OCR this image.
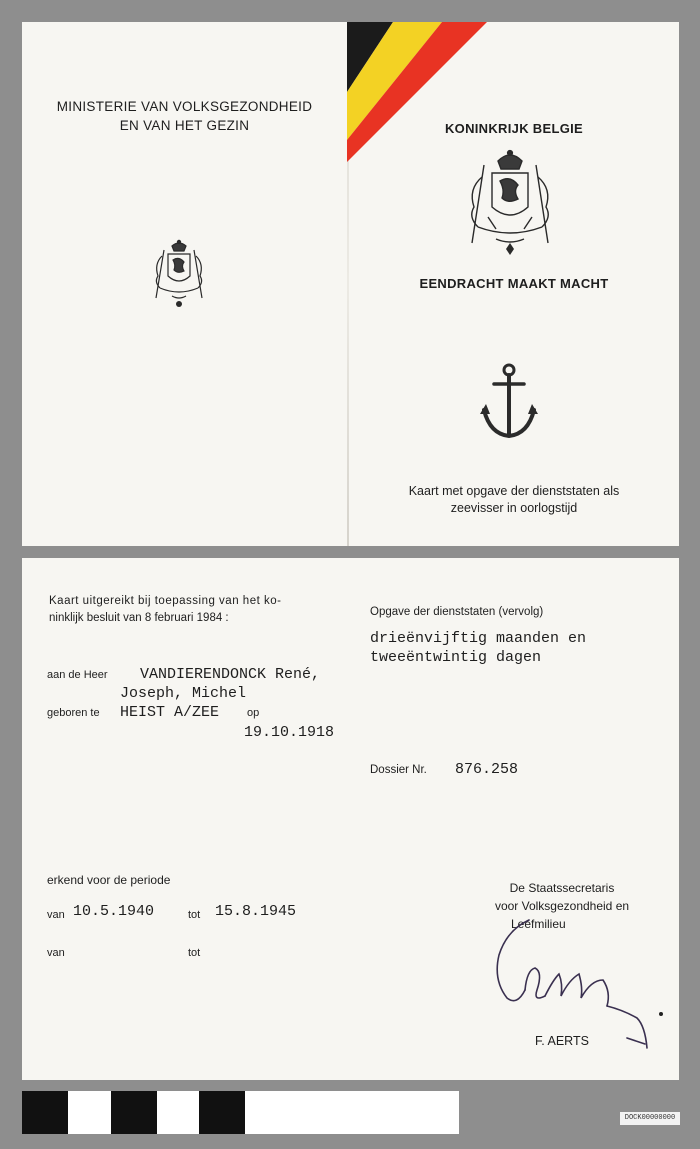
MINISTERIE VAN VOLKSGEZONDHEID
EN VAN HET GEZIN	KONINKRIJK BELGIE
EENDRACHT MAAKT MACHT
Kaart met opgave der dienststaten als
zeevisser in oorlogstijd
Kaart uitgereikt bij toepassing van het ko-
ninklijk besluit van 8 februari 1984 :
aan de Heer VANDIERENDONCK René,
Joseph, Michel
geboren te HEIST A/ZEE	op
19.10.1918
erkend voor de periode
van 10.5.1940	tot 15.8.1945
van	tot
Opgave der dienststaten (vervolg)
drieënvijftig maanden en
tweeëntwintig dagen
Dossier Nr. 876.258
De Staatssecretaris
voor Volksgezondheid en
Leefmilieu
F. AERTS
DOCK00000000
